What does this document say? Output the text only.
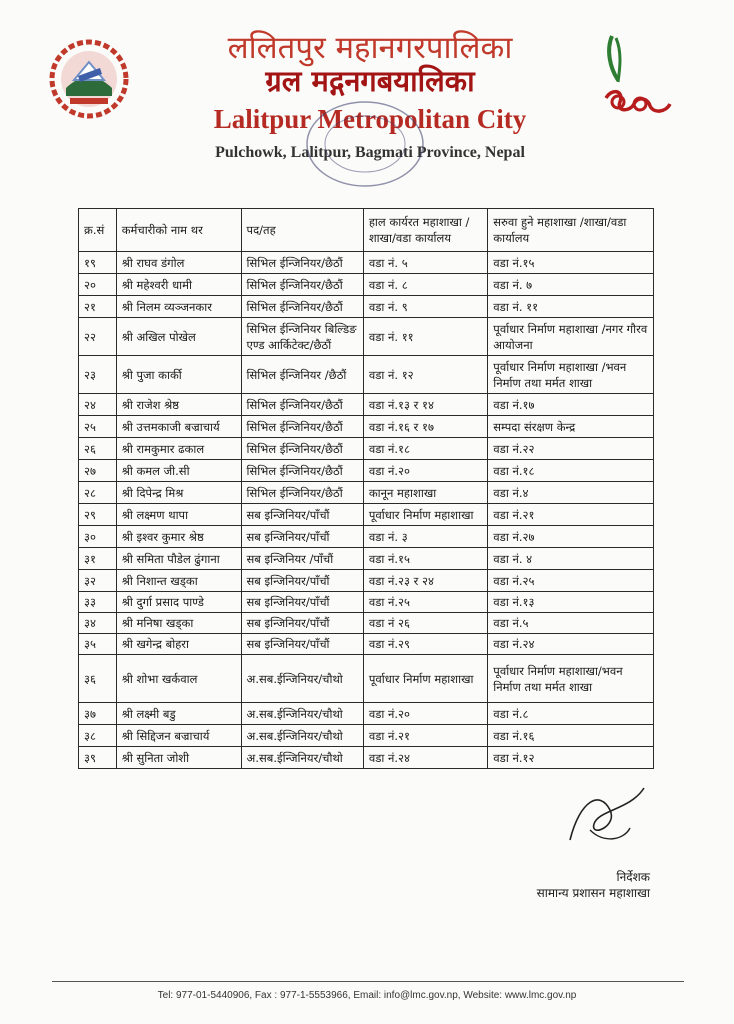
ललितपुर महानगरपालिका
ग्रल मद्गनगबयालिका
Lalitpur Metropolitan City
Pulchowk, Lalitpur, Bagmati Province, Nepal
क्र.सं	कर्मचारीको नाम थर	पद/तह	हाल कार्यरत महाशाखा /शाखा/वडा कार्यालय	सरुवा हुने महाशाखा /शाखा/वडा कार्यालय
१९	श्री राघव डंगोल	सिभिल ईन्जिनियर/छैठौं	वडा नं. ५	वडा नं.१५
२०	श्री महेश्वरी धामी	सिभिल ईन्जिनियर/छैठौं	वडा नं. ८	वडा नं. ७
२१	श्री निलम व्यञ्जनकार	सिभिल ईन्जिनियर/छैठौं	वडा नं. ९	वडा नं. ११
२२	श्री अखिल पोखेल	सिभिल ईन्जिनियर बिल्डिङ एण्ड आर्किटेक्ट/छैठौं	वडा नं. ११	पूर्वाधार निर्माण महाशाखा /नगर गौरव आयोजना
२३	श्री पुजा कार्की	सिभिल ईन्जिनियर /छैठौं	वडा नं. १२	पूर्वाधार निर्माण महाशाखा /भवन निर्माण तथा मर्मत शाखा
२४	श्री राजेश श्रेष्ठ	सिभिल ईन्जिनियर/छैठौं	वडा नं.१३ र १४	वडा नं.१७
२५	श्री उत्तमकाजी बज्राचार्य	सिभिल ईन्जिनियर/छैठौं	वडा नं.१६ र १७	सम्पदा संरक्षण केन्द्र
२६	श्री रामकुमार ढकाल	सिभिल ईन्जिनियर/छैठौं	वडा नं.१८	वडा नं.२२
२७	श्री कमल जी.सी	सिभिल ईन्जिनियर/छैठौं	वडा नं.२०	वडा नं.१८
२८	श्री दिपेन्द्र मिश्र	सिभिल ईन्जिनियर/छैठौं	कानून महाशाखा	वडा नं.४
२९	श्री लक्ष्मण थापा	सब इन्जिनियर/पाँचौं	पूर्वाधार निर्माण महाशाखा	वडा नं.२१
३०	श्री इश्वर कुमार श्रेष्ठ	सब इन्जिनियर/पाँचौं	वडा नं. ३	वडा नं.२७
३१	श्री समिता पौडेल ढुंगाना	सब इन्जिनियर /पाँचौं	वडा नं.१५	वडा नं. ४
३२	श्री निशान्त खड्का	सब इन्जिनियर/पाँचौं	वडा नं.२३ र २४	वडा नं.२५
३३	श्री दुर्गा प्रसाद पाण्डे	सब इन्जिनियर/पाँचौं	वडा नं.२५	वडा नं.१३
३४	श्री मनिषा खड्का	सब इन्जिनियर/पाँचौं	वडा नं २६	वडा नं.५
३५	श्री खगेन्द्र बोहरा	सब इन्जिनियर/पाँचौं	वडा नं.२९	वडा नं.२४
३६	श्री शोभा खर्कवाल	अ.सब.ईन्जिनियर/चौथो	पूर्वाधार निर्माण महाशाखा	पूर्वाधार निर्माण महाशाखा/भवन निर्माण तथा मर्मत शाखा
३७	श्री लक्ष्मी बडु	अ.सब.ईन्जिनियर/चौथो	वडा नं.२०	वडा नं.८
३८	श्री सिद्दिजन बज्राचार्य	अ.सब.ईन्जिनियर/चौथो	वडा नं.२१	वडा नं.१६
३९	श्री सुनिता जोशी	अ.सब.ईन्जिनियर/चौथो	वडा नं.२४	वडा नं.१२
निर्देशक
सामान्य प्रशासन महाशाखा
Tel: 977-01-5440906, Fax : 977-1-5553966, Email: info@lmc.gov.np, Website: www.lmc.gov.np
